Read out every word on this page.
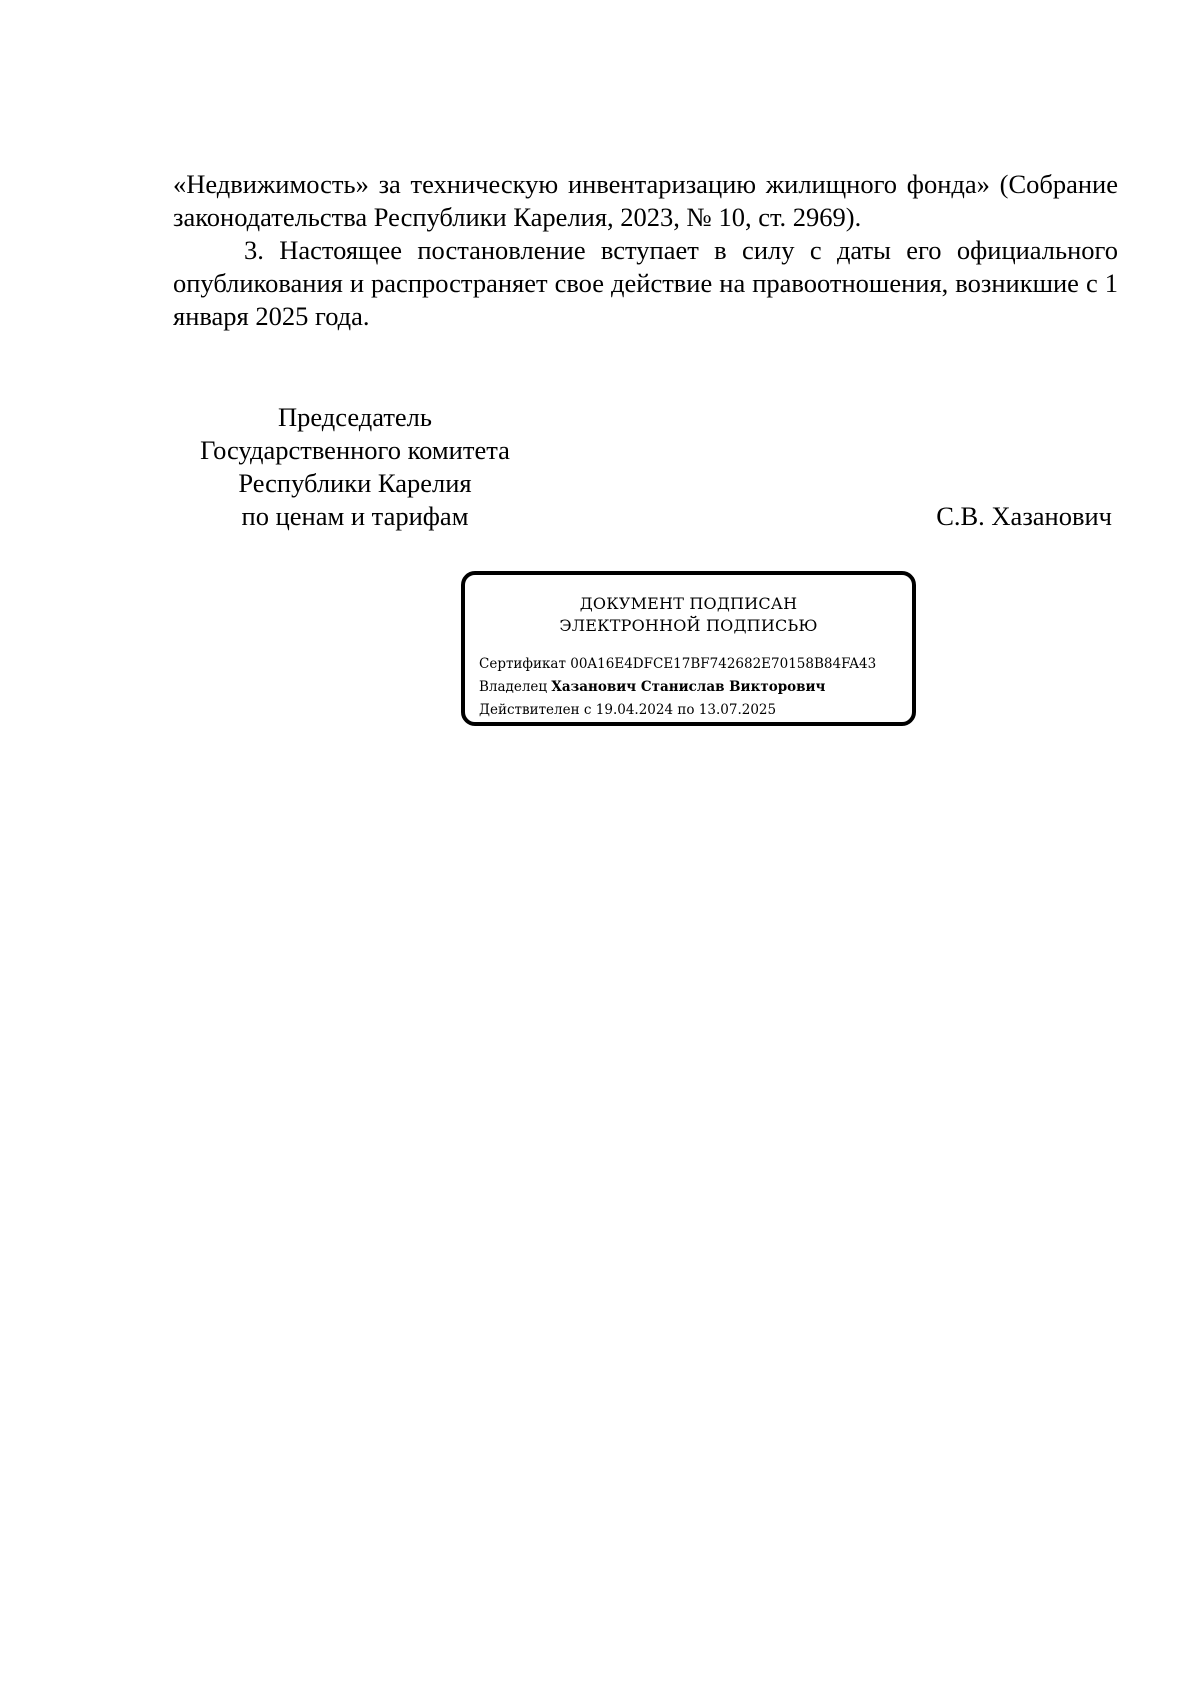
«Недвижимость» за техническую инвентаризацию жилищного фонда» (Собрание законодательства Республики Карелия, 2023, № 10, ст. 2969).

3. Настоящее постановление вступает в силу с даты его официального опубликования и распространяет свое действие на правоотношения, возникшие с 1 января 2025 года.

Председатель
Государственного комитета
Республики Карелия
по ценам и тарифам	С.В. Хазанович
ДОКУМЕНТ ПОДПИСАН
ЭЛЕКТРОННОЙ ПОДПИСЬЮ
Сертификат 00A16E4DFCE17BF742682E70158B84FA43
Владелец Хазанович Станислав Викторович
Действителен с 19.04.2024 по 13.07.2025
